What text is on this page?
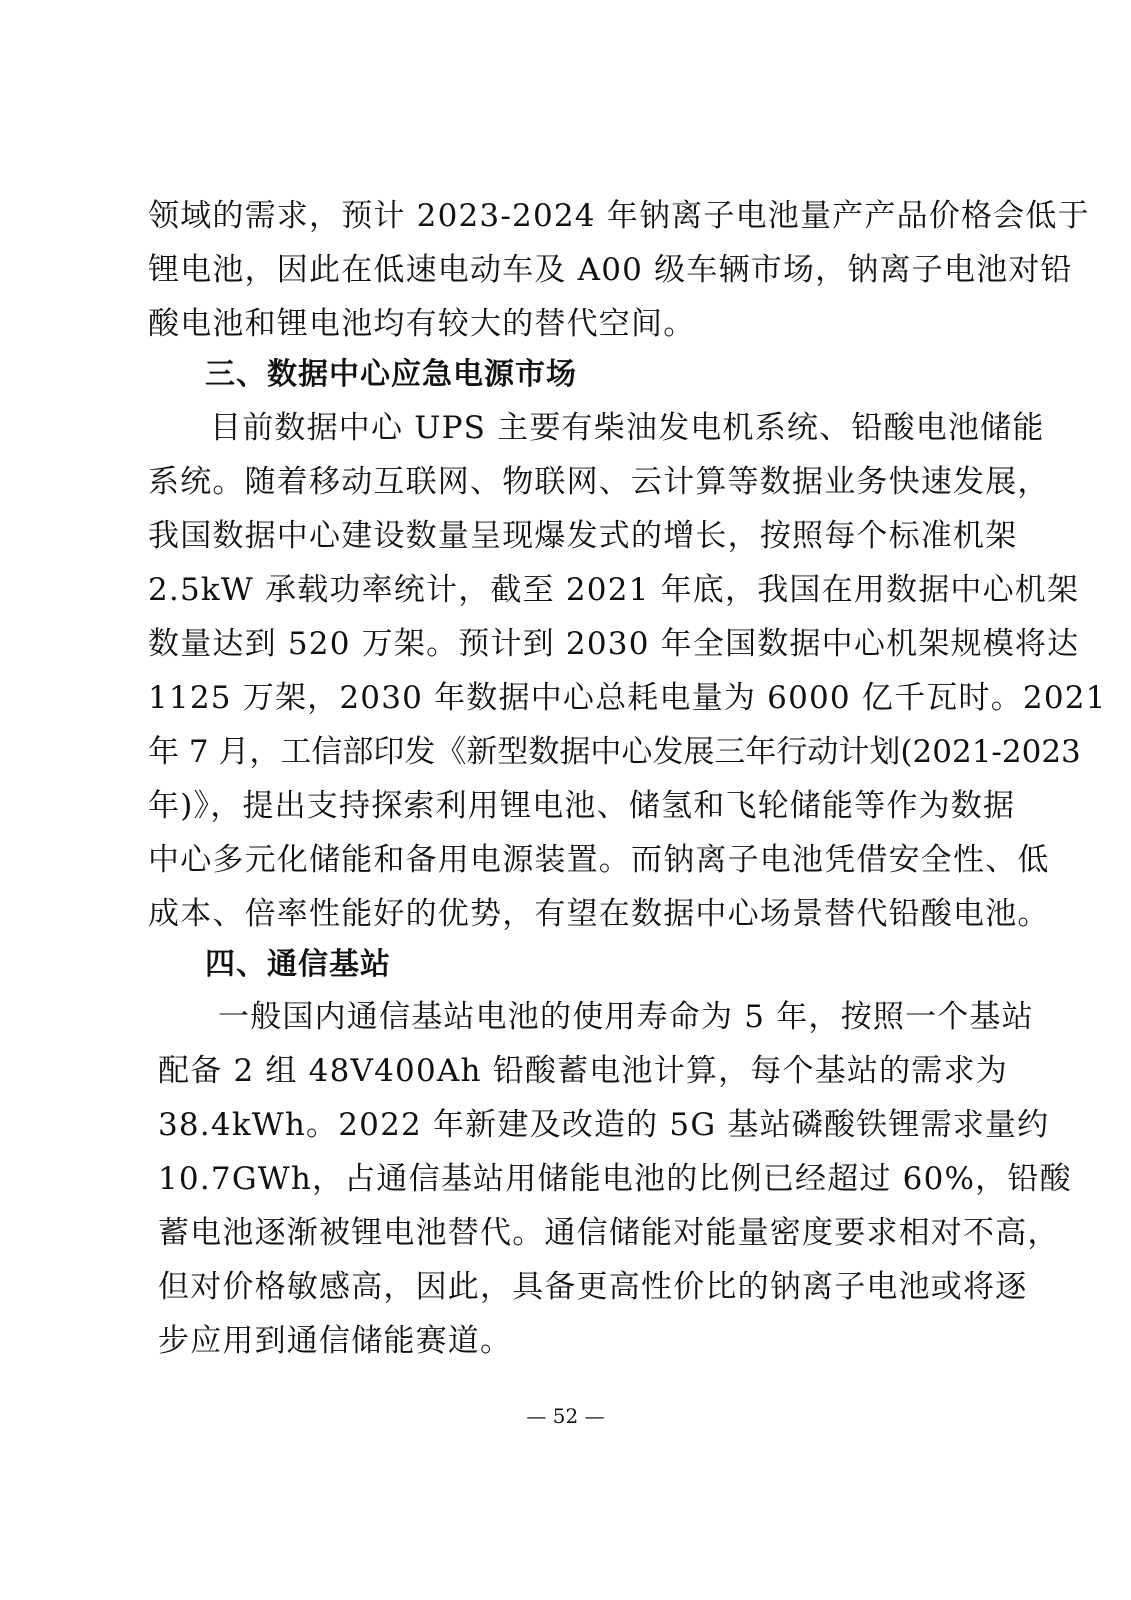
领域的需求，预计 2023-2024 年钠离子电池量产产品价格会低于
锂电池，因此在低速电动车及 A00 级车辆市场，钠离子电池对铅
酸电池和锂电池均有较大的替代空间。
三、数据中心应急电源市场
目前数据中心 UPS 主要有柴油发电机系统、铅酸电池储能
系统。随着移动互联网、物联网、云计算等数据业务快速发展，
我国数据中心建设数量呈现爆发式的增长，按照每个标准机架
2.5kW 承载功率统计，截至 2021 年底，我国在用数据中心机架
数量达到 520 万架。预计到 2030 年全国数据中心机架规模将达
1125 万架，2030 年数据中心总耗电量为 6000 亿千瓦时。2021
年 7 月，工信部印发《新型数据中心发展三年行动计划(2021-2023
年)》，提出支持探索利用锂电池、储氢和飞轮储能等作为数据
中心多元化储能和备用电源装置。而钠离子电池凭借安全性、低
成本、倍率性能好的优势，有望在数据中心场景替代铅酸电池。
四、通信基站
一般国内通信基站电池的使用寿命为 5 年，按照一个基站
配备 2 组 48V400Ah 铅酸蓄电池计算，每个基站的需求为
38.4kWh。2022 年新建及改造的 5G 基站磷酸铁锂需求量约
10.7GWh，占通信基站用储能电池的比例已经超过 60%，铅酸
蓄电池逐渐被锂电池替代。通信储能对能量密度要求相对不高，
但对价格敏感高，因此，具备更高性价比的钠离子电池或将逐
步应用到通信储能赛道。
— 52 —
